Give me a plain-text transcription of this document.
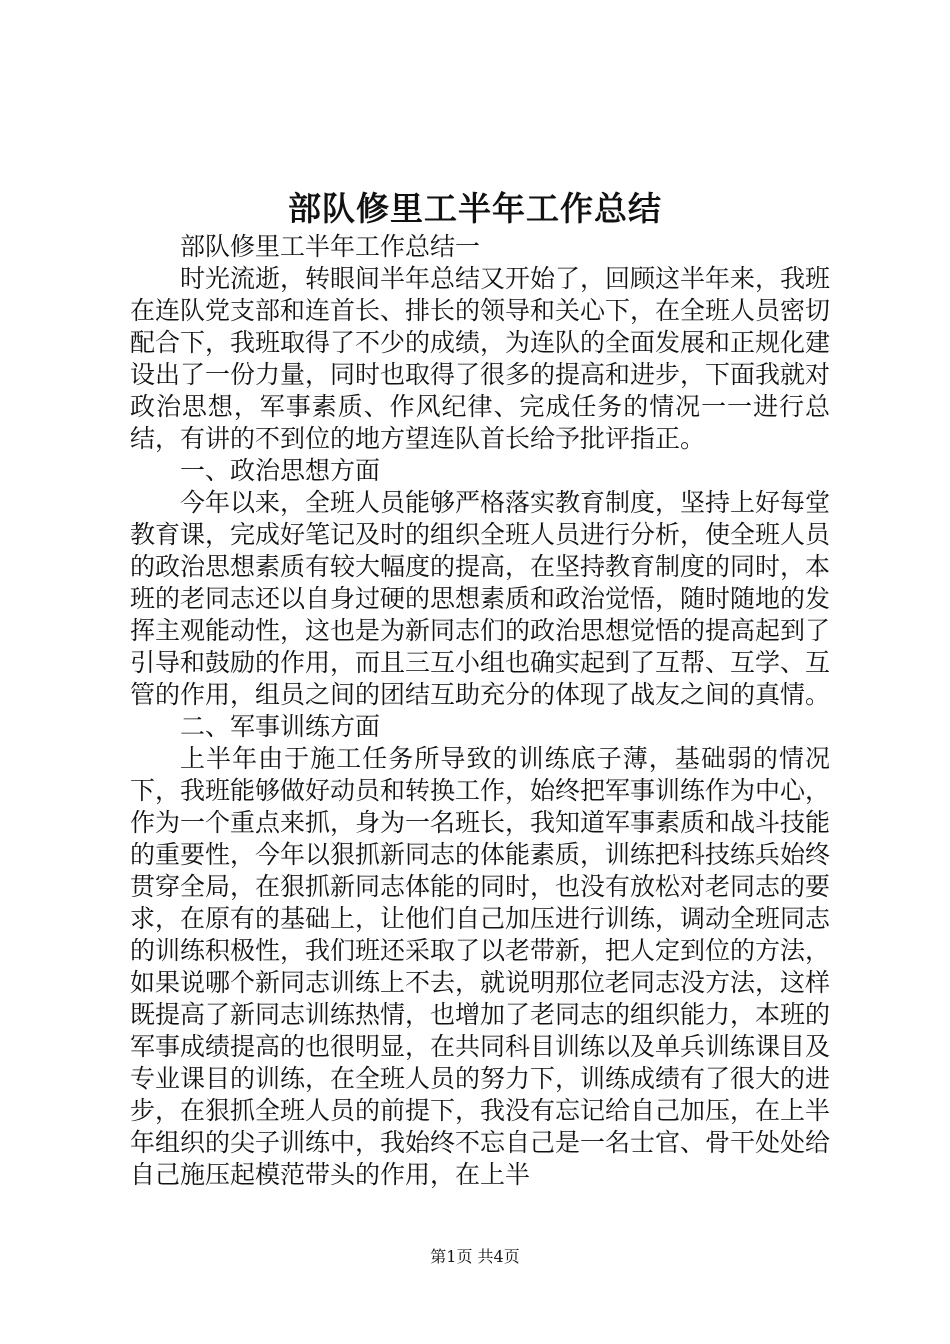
部队修里工半年工作总结

部队修里工半年工作总结一

时光流逝，转眼间半年总结又开始了，回顾这半年来，我班在连队党支部和连首长、排长的领导和关心下，在全班人员密切配合下，我班取得了不少的成绩，为连队的全面发展和正规化建设出了一份力量，同时也取得了很多的提高和进步，下面我就对政治思想，军事素质、作风纪律、完成任务的情况一一进行总结，有讲的不到位的地方望连队首长给予批评指正。

一、政治思想方面

今年以来，全班人员能够严格落实教育制度，坚持上好每堂教育课，完成好笔记及时的组织全班人员进行分析，使全班人员的政治思想素质有较大幅度的提高，在坚持教育制度的同时，本班的老同志还以自身过硬的思想素质和政治觉悟，随时随地的发挥主观能动性，这也是为新同志们的政治思想觉悟的提高起到了引导和鼓励的作用，而且三互小组也确实起到了互帮、互学、互管的作用，组员之间的团结互助充分的体现了战友之间的真情。

二、军事训练方面

上半年由于施工任务所导致的训练底子薄，基础弱的情况下，我班能够做好动员和转换工作，始终把军事训练作为中心，作为一个重点来抓，身为一名班长，我知道军事素质和战斗技能的重要性，今年以狠抓新同志的体能素质，训练把科技练兵始终贯穿全局，在狠抓新同志体能的同时，也没有放松对老同志的要求，在原有的基础上，让他们自己加压进行训练，调动全班同志的训练积极性，我们班还采取了以老带新，把人定到位的方法，如果说哪个新同志训练上不去，就说明那位老同志没方法，这样既提高了新同志训练热情，也增加了老同志的组织能力，本班的军事成绩提高的也很明显，在共同科目训练以及单兵训练课目及专业课目的训练，在全班人员的努力下，训练成绩有了很大的进步，在狠抓全班人员的前提下，我没有忘记给自己加压，在上半年组织的尖子训练中，我始终不忘自己是一名士官、骨干处处给自己施压起模范带头的作用，在上半

第1页 共4页
